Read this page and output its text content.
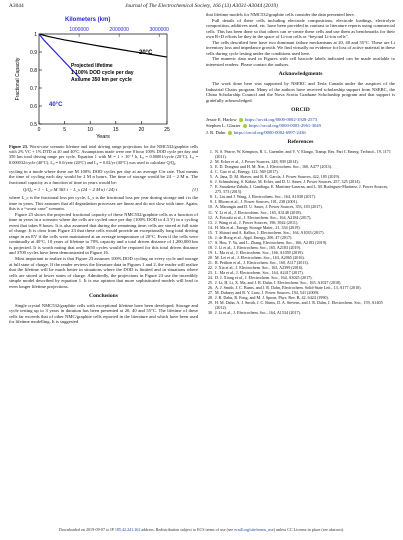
A3044	Journal of The Electrochemical Society, 166 (13) A3031-A3044 (2019)
1
0.9
0.8
0.7
0.6
0.5
0	5	10	15	20	25
1000000	2000000	3000000
Kilometers (km)
Fractional Capacity
Years
Projected lifetime
1 100% DOD cycle per day
Assume 350 km per cycle
20°C
40°C
Figure 23. Worst-case scenario lifetime and total driving range projections for the NMC532/graphite cells with 2% VC + 1% DTD at 20 and 40°C. Assumptions made were one 8 hour 100% DOD cycle per day and 350 km total driving range per cycle. Equation 1 with M = 1 × 10⁻⁵ h, L₀ = 0.00001/cycle (20°C), L₀ = 0.000032/cycle (40°C), L₀ = 0.0/year (20°C) and L₀ = 0.02/yr (40°C) was used to calculate Q/Q₀.

cycling in a mode where there are M 100% DOD cycles per day at an average C/n rate. That means the time of cycling each day would be 2 M n hours. The time of storage would be 24 − 2 M n. The fractional capacity as a function of time in years would be:

Q/Q₀ = 1 − L_c M 365 t − L_s (24 − 2 M n) / 24) t	[1]

where L_c is the fractional loss per cycle, L_s is the fractional loss per year during storage and t is the time in years. This assumes that all degradation processes are linear and do not slow with time. Again, this is a “worst case” scenario.

Figure 23 shows the projected fractional capacity of these NMC532/graphite cells as a function of time in years in a scenario where the cells are cycled once per day (100% DOD to 4.3 V) in a cycling event that takes 8 hours. It is also assumed that during the remaining time, cells are stored at full state of charge. It is clear from Figure 23 that these cells would provide an exceptionally long total driving range in an EV if the cells were maintained at an average temperature of 20°C. Even if the cells were continually at 40°C, 10 years of lifetime to 70% capacity and a total driven distance of 1,200,000 km is projected. It is worth noting that only 3650 cycles would be required for this total driven distance and 3700 cycles have been demonstrated in Figure 16.

Most important to realize is that Figure 23 assumes 100% DOD cycling on every cycle and storage at full state of charge. If the reader reviews the literature data in Figures 1 and 2, the reader will realize that the lifetime will be much better in situations where the DOD is limited and in situations where cells are stored at lower states of charge. Admittedly, the projections in Figure 23 use the incredibly simple model described by equation 1. It is our opinion that more sophisticated models will lead to even longer lifetime projections.

Conclusions

Single crystal NMC532/graphite cells with exceptional lifetime have been developed. Storage and cycle testing up to 3 years in duration has been presented at 20, 40 and 55°C. The lifetime of these cells far exceeds that of other NMC/graphite cells reported in the literature and which have been used for lifetime modelling. It is suggested

that lifetime models for NMC532/graphite cells consider the data presented here.

Full details of these cells including electrode compositions, electrode loadings, electrolyte composition, additives used, etc. have been provided in contrast to literature reports using commercial cells. This has been done so that others can re-create these cells and use them as benchmarks for their own R+D efforts be they in the space of Li-ion cells or “beyond Li-ion cells”.

The cells described here have two dominant failure mechanisms at 20, 40 and 55°C. These are Li inventory loss and impedance growth. We find virtually no evidence for loss of active material in these cells during cycle testing under the conditions used here.

The numeric data used in Figures with cell barcode labels indicated can be made available to interested readers. Please contact the authors.

Acknowledgments

The work done here was supported by NSERC and Tesla Canada under the auspices of the Industrial Chairs program. Many of the authors have received scholarship support from NSERC, the China Scholarship Council and the Nova Scotia Graduate Scholarship program and that support is gratefully acknowledged.

ORCID
Jessie E. Harlow https://orcid.org/0000-0002-3928-2573
Stephen L. Glazier https://orcid.org/0000-0003-2961-3049
J. R. Dahn https://orcid.org/0000-0002-6997-2436
References
1. N. S. Pearre, W. Kempton, R. L. Guensler, and V. V. Elango, Transp. Res. Part C Emerg. Technol., 19, 1171 (2011).
2. M. Ecker et al., J. Power Sources, 248, 839 (2014).
3. E. D. Dongmo and H. M. Noe, J. Electrochem. Soc., 160, A477 (2013).
4. C. Guo et al., Energy, 122, 569 (2017).
5. A. Jana, D. M. Shaver, and R. E. García, J. Power Sources, 422, 185 (2019).
6. J. Schmalstieg, S. Käbitz, M. Ecker, and D. U. Sauer, J. Power Sources, 257, 325 (2014).
7. E. Sarasketa-Zabala, I. Gandiaga, E. Martinez-Laserna, and L. M. Rodriguez-Martinez, J. Power Sources, 275, 573 (2015).
8. L. Liu and J. Wang, J. Electrochem. Soc., 164, A1038 (2017).
9. I. Bloom et al., J. Power Sources, 101, 238 (2001).
10. A. Marongiu and D. U. Sauer, J. Power Sources, 353, 183 (2017).
11. Y. Li et al., J. Electrochem. Soc., 165, A3148 (2018).
12. A. Fotouhi et al., J. Electrochem. Soc., 164, A2184 (2017).
13. J. Wang et al., J. Power Sources, 196, 3942 (2011).
14. H. Ma et al., Energy Storage Mater., 21, 354 (2019).
15. T. Shirazi and A. Kalhor, J. Electrochem. Soc., 164, A1035 (2017).
16. J. de Hoog et al., Appl. Energy, 200, 47 (2017).
17. S. Hou, Y. Yu, and L. Zhang, Electrochem. Soc., 166, A2183 (2019).
18. J. Li et al., J. Electrochem. Soc., 165, A2183 (2019).
19. L. Ma et al., J. Electrochem. Soc., 166, A1059 (2019).
20. M. Lei et al., J. Electrochem. Soc., 163, A2065 (2016).
21. R. Petibon et al., J. Electrochem. Soc., 160, A117 (2013).
22. J. Xia et al., J. Electrochem. Soc., 163, A2399 (2016).
23. L. Ma et al., J. Electrochem. Soc., 164, A2417 (2017).
24. D. J. Xiong et al., J. Electrochem. Soc., 164, A3025 (2017).
25. J. Li, H. Li, X. Ma, and J. R. Dahn, J. Electrochem. Soc., 165, A1027 (2018).
26. A. J. Smith, J. C. Burns, and J. R. Dahn, Electrochem. Solid-State Lett., 13, A177 (2010).
27. M. Dubarry and B. Y. Liaw, J. Power Sources, 194, 541 (2009).
28. J. R. Dahn, R. Fong, and M. J. Spoon, Phys. Rev. B, 42, 6424 (1990).
29. H. M. Dahn, A. J. Smith, J. C. Burns, D. A. Stevens, and J. R. Dahn, J. Electrochem. Soc., 159, A1405 (2012).
30. J. Li et al., J. Electrochem. Soc., 164, A1534 (2017).
Downloaded on 2019-09-07 to IP 185.42.241.162 address. Redistribution subject to ECS terms of use (see ecsdl.org/site/terms_use) unless CC License in place (see abstract).
